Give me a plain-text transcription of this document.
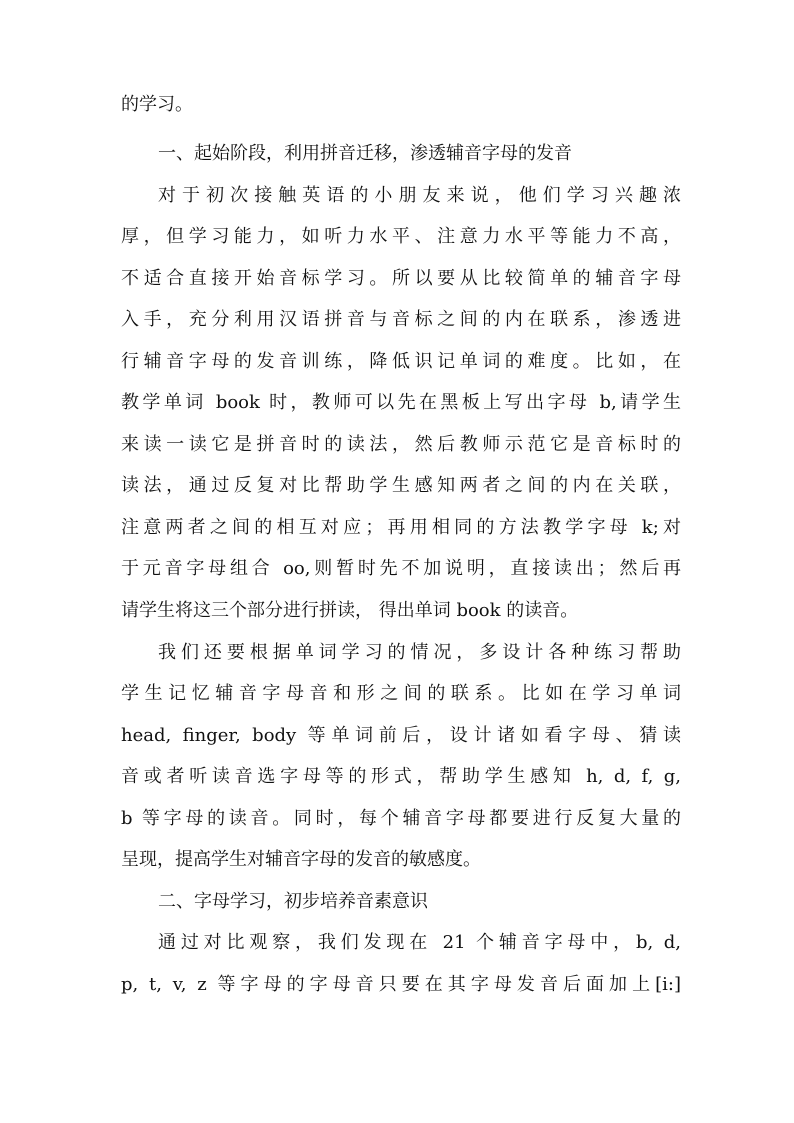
的学习。
一、起始阶段，利用拼音迁移，渗透辅音字母的发音
对于初次接触英语的小朋友来说，他们学习兴趣浓
厚，但学习能力，如听力水平、注意力水平等能力不高，
不适合直接开始音标学习。所以要从比较简单的辅音字母
入手，充分利用汉语拼音与音标之间的内在联系，渗透进
行辅音字母的发音训练，降低识记单词的难度。比如，在
教学单词 book 时，教师可以先在黑板上写出字母 b,请学生
来读一读它是拼音时的读法，然后教师示范它是音标时的
读法，通过反复对比帮助学生感知两者之间的内在关联，
注意两者之间的相互对应；再用相同的方法教学字母 k;对
于元音字母组合 oo,则暂时先不加说明，直接读出；然后再
请学生将这三个部分进行拼读， 得出单词 book 的读音。
我们还要根据单词学习的情况，多设计各种练习帮助
学生记忆辅音字母音和形之间的联系。比如在学习单词
head, finger, body 等单词前后，设计诸如看字母、猜读
音或者听读音选字母等的形式，帮助学生感知 h, d, f, g,
b 等字母的读音。同时，每个辅音字母都要进行反复大量的
呈现，提高学生对辅音字母的发音的敏感度。
二、字母学习，初步培养音素意识
通过对比观察，我们发现在 21 个辅音字母中，b, d,
p, t, v, z 等字母的字母音只要在其字母发音后面加上[i:]
